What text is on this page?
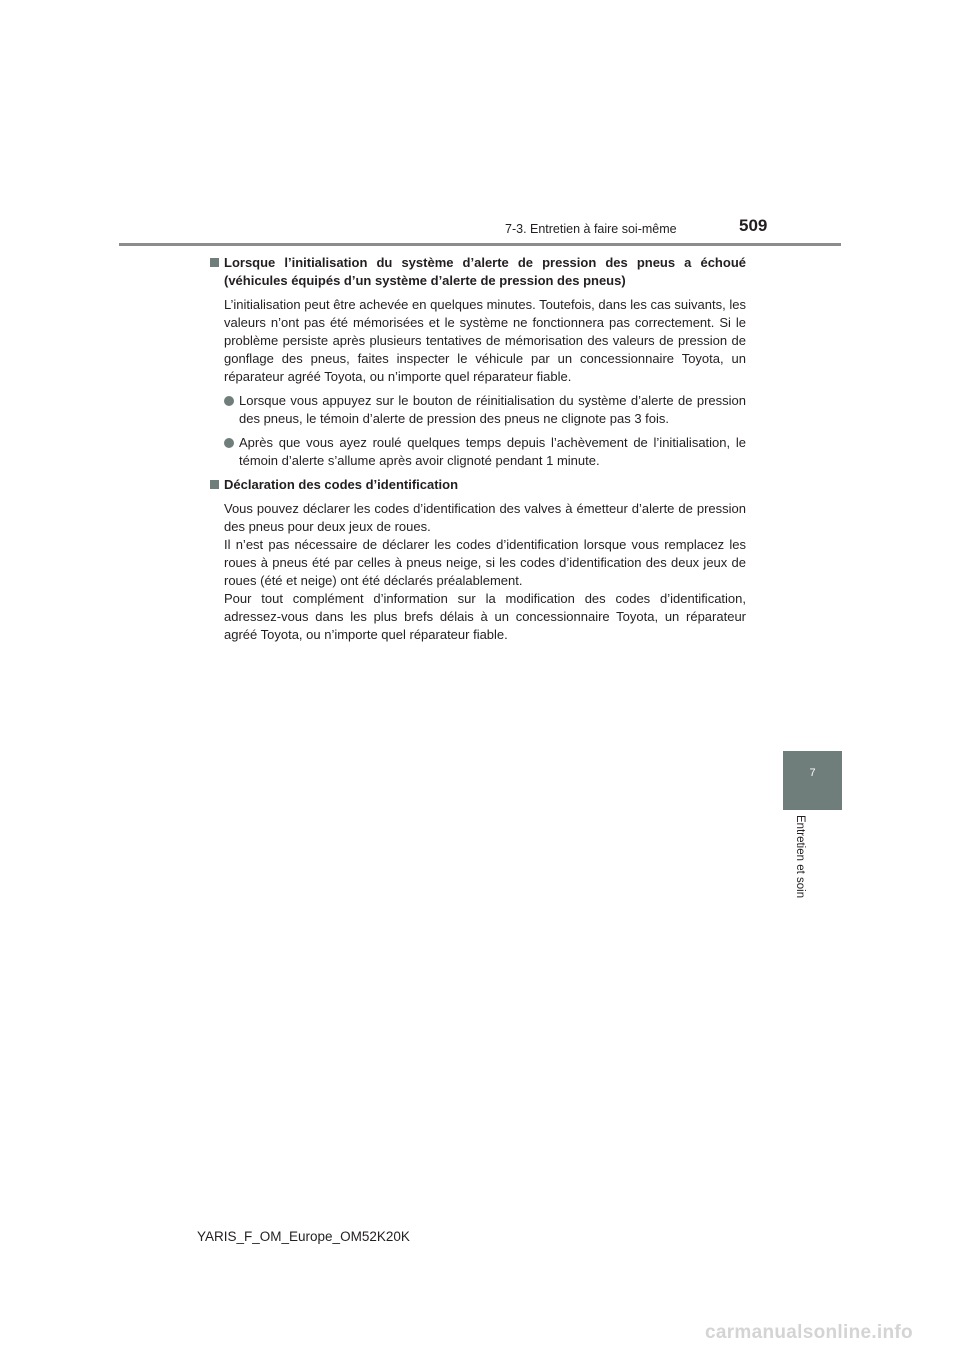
7-3. Entretien à faire soi-même	509
7
Entretien et soin

Lorsque l’initialisation du système d’alerte de pression des pneus a échoué (véhicules équipés d’un système d’alerte de pression des pneus)

L’initialisation peut être achevée en quelques minutes. Toutefois, dans les cas suivants, les valeurs n’ont pas été mémorisées et le système ne fonctionnera pas correctement. Si le problème persiste après plusieurs tentatives de mémorisation des valeurs de pression de gonflage des pneus, faites inspecter le véhicule par un concessionnaire Toyota, un réparateur agréé Toyota, ou n’importe quel réparateur fiable.

Lorsque vous appuyez sur le bouton de réinitialisation du système d’alerte de pression des pneus, le témoin d’alerte de pression des pneus ne clignote pas 3 fois.
Après que vous ayez roulé quelques temps depuis l’achèvement de l’initialisation, le témoin d’alerte s’allume après avoir clignoté pendant 1 minute.

Déclaration des codes d’identification

Vous pouvez déclarer les codes d’identification des valves à émetteur d’alerte de pression des pneus pour deux jeux de roues.
Il n’est pas nécessaire de déclarer les codes d’identification lorsque vous remplacez les roues à pneus été par celles à pneus neige, si les codes d’identification des deux jeux de roues (été et neige) ont été déclarés préalablement.
Pour tout complément d’information sur la modification des codes d’identification, adressez-vous dans les plus brefs délais à un concessionnaire Toyota, un réparateur agréé Toyota, ou n’importe quel réparateur fiable.

YARIS_F_OM_Europe_OM52K20K
carmanualsonline.info
